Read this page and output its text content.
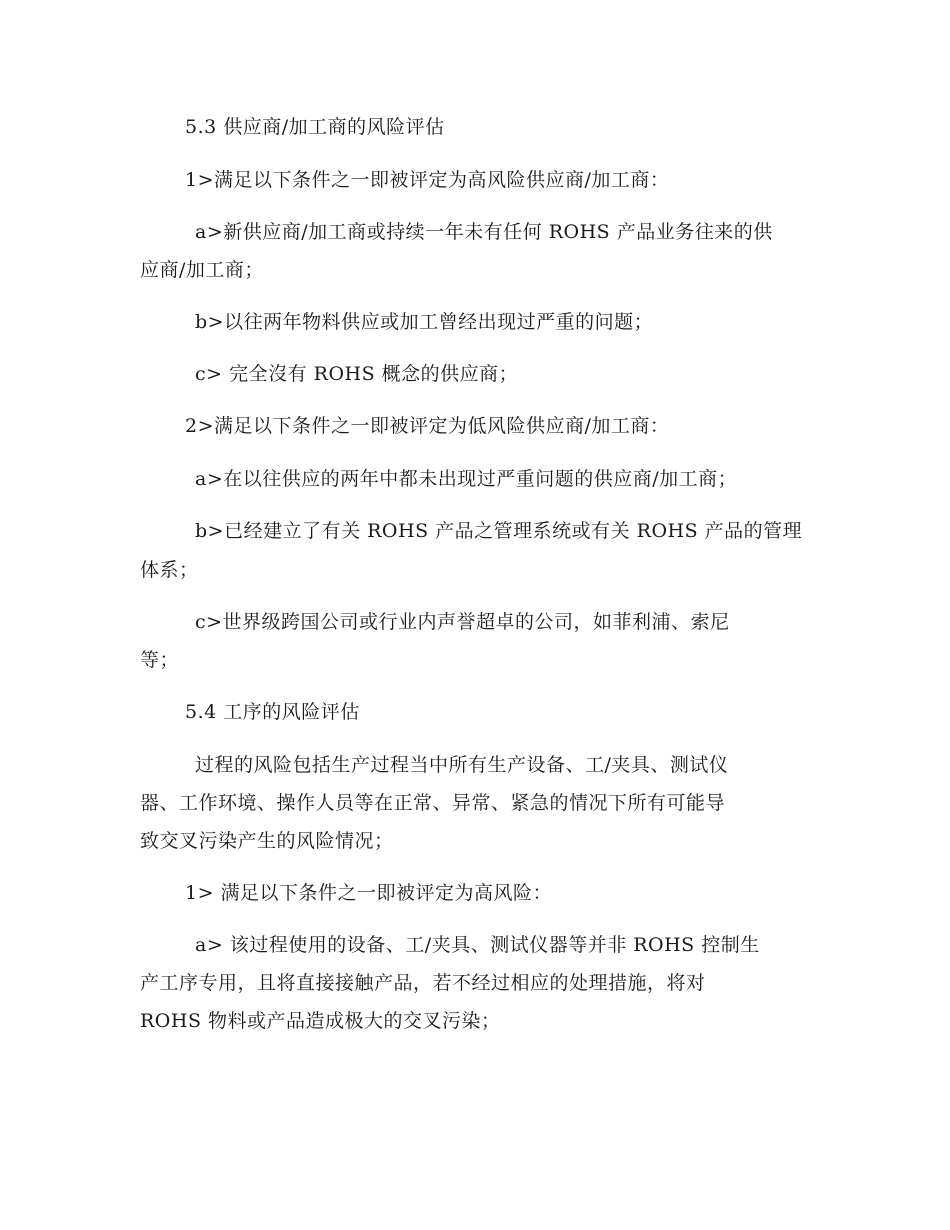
5.3 供应商/加工商的风险评估
1>满足以下条件之一即被评定为高风险供应商/加工商：
a>新供应商/加工商或持续一年未有任何 ROHS 产品业务往来的供
应商/加工商；
b>以往两年物料供应或加工曾经出现过严重的问题；
c> 完全沒有 ROHS 概念的供应商；
2>满足以下条件之一即被评定为低风险供应商/加工商：
a>在以往供应的两年中都未出现过严重问题的供应商/加工商；
b>已经建立了有关 ROHS 产品之管理系统或有关 ROHS 产品的管理
体系；
c>世界级跨国公司或行业内声誉超卓的公司，如菲利浦、索尼
等；
5.4 工序的风险评估
过程的风险包括生产过程当中所有生产设备、工/夹具、测试仪
器、工作环境、操作人员等在正常、异常、紧急的情况下所有可能导
致交叉污染产生的风险情况；
1> 满足以下条件之一即被评定为高风险：
a> 该过程使用的设备、工/夹具、测试仪器等并非 ROHS 控制生
产工序专用，且将直接接触产品，若不经过相应的处理措施，将对
ROHS 物料或产品造成极大的交叉污染；
